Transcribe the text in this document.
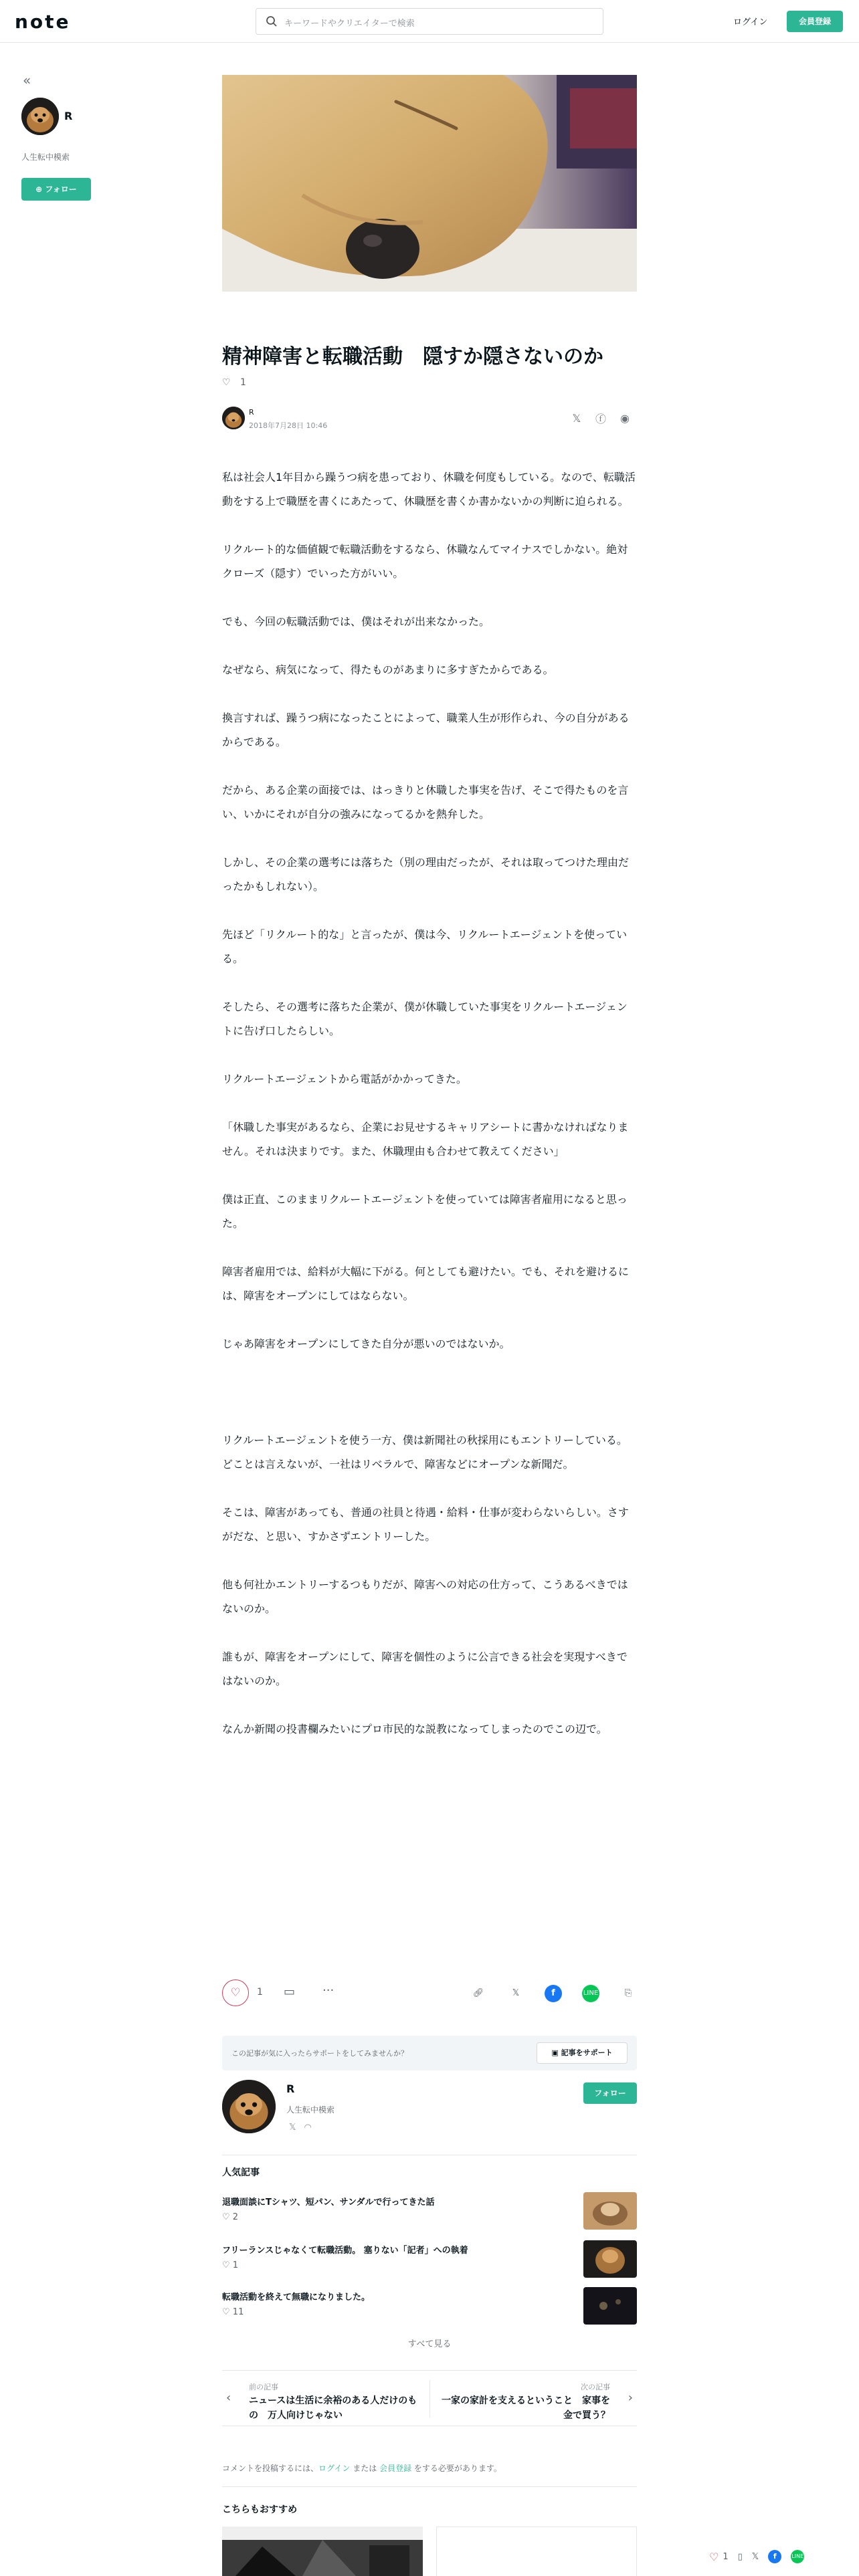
note	キーワードやクリエイターで検索	ログイン	会員登録
«
R
人生転中模索
⊕ フォロー
精神障害と転職活動　隠すか隠さないのか
♡ 1
R
2018年7月28日 10:46
𝕏 ⓕ ◉

私は社会人1年目から躁うつ病を患っており、休職を何度もしている。なので、転職活動をする上で職歴を書くにあたって、休職歴を書くか書かないかの判断に迫られる。

リクルート的な価値観で転職活動をするなら、休職なんてマイナスでしかない。絶対クローズ（隠す）でいった方がいい。

でも、今回の転職活動では、僕はそれが出来なかった。

なぜなら、病気になって、得たものがあまりに多すぎたからである。

換言すれば、躁うつ病になったことによって、職業人生が形作られ、今の自分があるからである。

だから、ある企業の面接では、はっきりと休職した事実を告げ、そこで得たものを言い、いかにそれが自分の強みになってるかを熱弁した。

しかし、その企業の選考には落ちた（別の理由だったが、それは取ってつけた理由だったかもしれない）。

先ほど「リクルート的な」と言ったが、僕は今、リクルートエージェントを使っている。

そしたら、その選考に落ちた企業が、僕が休職していた事実をリクルートエージェントに告げ口したらしい。

リクルートエージェントから電話がかかってきた。

「休職した事実があるなら、企業にお見せするキャリアシートに書かなければなりません。それは決まりです。また、休職理由も合わせて教えてください」

僕は正直、このままリクルートエージェントを使っていては障害者雇用になると思った。

障害者雇用では、給料が大幅に下がる。何としても避けたい。でも、それを避けるには、障害をオープンにしてはならない。

じゃあ障害をオープンにしてきた自分が悪いのではないか。

リクルートエージェントを使う一方、僕は新聞社の秋採用にもエントリーしている。どことは言えないが、一社はリベラルで、障害などにオープンな新聞だ。

そこは、障害があっても、普通の社員と待遇・給料・仕事が変わらないらしい。さすがだな、と思い、すかさずエントリーした。

他も何社かエントリーするつもりだが、障害への対応の仕方って、こうあるべきではないのか。

誰もが、障害をオープンにして、障害を個性のように公言できる社会を実現すべきではないのか。

なんか新聞の投書欄みたいにプロ市民的な説教になってしまったのでこの辺で。

♡	1 ▭ ···	🔗︎	𝕏	f	LINE	⎘
この記事が気に入ったらサポートをしてみませんか？	▣ 記事をサポート
R
人生転中模索
𝕏◠
フォロー
人気記事
退職面談にTシャツ、短パン、サンダルで行ってきた話
♡ 2
フリーランスじゃなくて転職活動。 塞りない「記者」への執着
♡ 1
転職活動を終えて無職になりました。
♡ 11
すべて見る
‹
前の記事
ニュースは生活に余裕のある人だけのもの　万人向けじゃない
次の記事
一家の家計を支えるということ　家事を金で買う？
›
コメントを投稿するには、ログイン または 会員登録 をする必要があります。
こちらもおすすめ
♡ 1 ▯ 𝕏	f	LINE
